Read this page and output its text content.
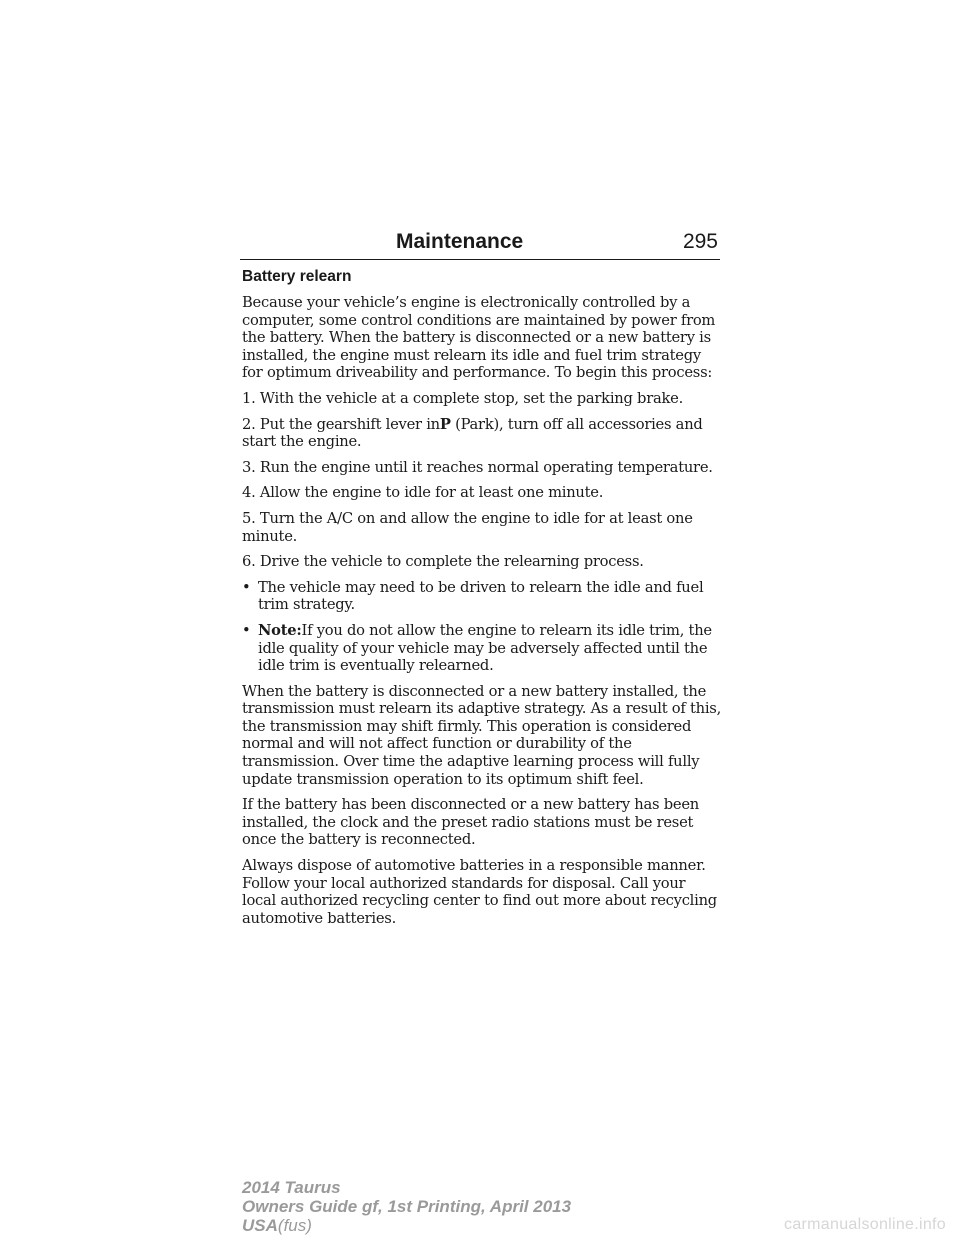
Maintenance	295
Battery relearn

Because your vehicle’s engine is electronically controlled by a computer, some control conditions are maintained by power from the battery. When the battery is disconnected or a new battery is installed, the engine must relearn its idle and fuel trim strategy for optimum driveability and performance. To begin this process:

1. With the vehicle at a complete stop, set the parking brake.

2. Put the gearshift lever inP (Park), turn off all accessories and start the engine.

3. Run the engine until it reaches normal operating temperature.

4. Allow the engine to idle for at least one minute.

5. Turn the A/C on and allow the engine to idle for at least one minute.

6. Drive the vehicle to complete the relearning process.

• The vehicle may need to be driven to relearn the idle and fuel trim strategy.
• Note:If you do not allow the engine to relearn its idle trim, the idle quality of your vehicle may be adversely affected until the idle trim is eventually relearned.

When the battery is disconnected or a new battery installed, the transmission must relearn its adaptive strategy. As a result of this, the transmission may shift firmly. This operation is considered normal and will not affect function or durability of the transmission. Over time the adaptive learning process will fully update transmission operation to its optimum shift feel.

If the battery has been disconnected or a new battery has been installed, the clock and the preset radio stations must be reset once the battery is reconnected.

Always dispose of automotive batteries in a responsible manner. Follow your local authorized standards for disposal. Call your local authorized recycling center to find out more about recycling automotive batteries.

2014 Taurus
Owners Guide gf, 1st Printing, April 2013
USA(fus)	carmanualsonline.info
